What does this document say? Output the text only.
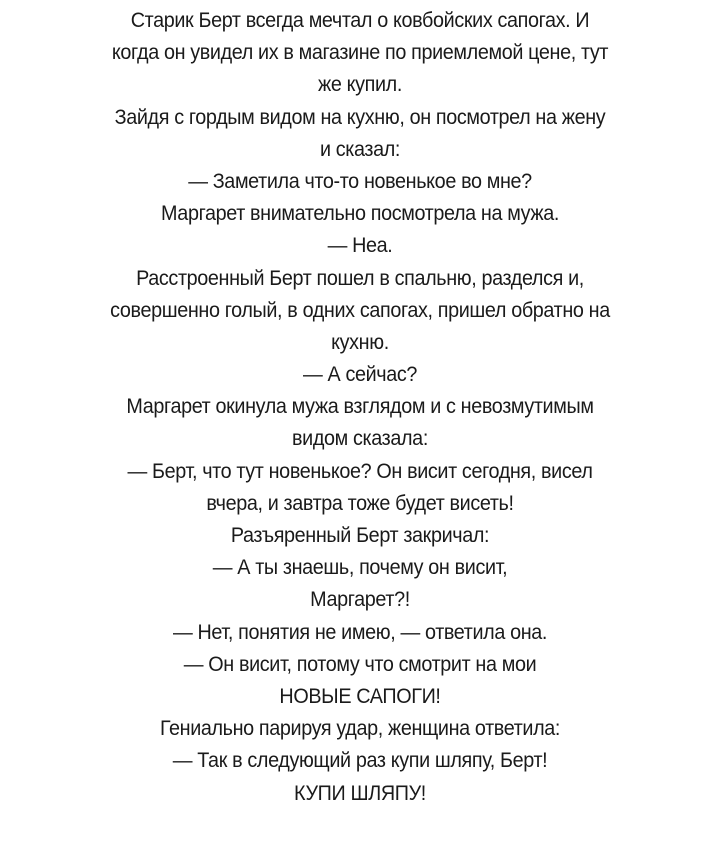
Старик Берт всегда мечтал о ковбойских сапогах. И
когда он увидел их в магазине по приемлемой цене, тут
же купил.
Зайдя с гордым видом на кухню, он посмотрел на жену
и сказал:
— Заметила что-то новенькое во мне?
Маргарет внимательно посмотрела на мужа.
— Неа.
Расстроенный Берт пошел в спальню, разделся и,
совершенно голый, в одних сапогах, пришел обратно на
кухню.
— А сейчас?
Маргарет окинула мужа взглядом и с невозмутимым
видом сказала:
— Берт, что тут новенькое? Он висит сегодня, висел
вчера, и завтра тоже будет висеть!
Разъяренный Берт закричал:
— А ты знаешь, почему он висит,
Маргарет?!
— Нет, понятия не имею, — ответила она.
— Он висит, потому что смотрит на мои
НОВЫЕ САПОГИ!
Гениально парируя удар, женщина ответила:
— Так в следующий раз купи шляпу, Берт!
КУПИ ШЛЯПУ!
